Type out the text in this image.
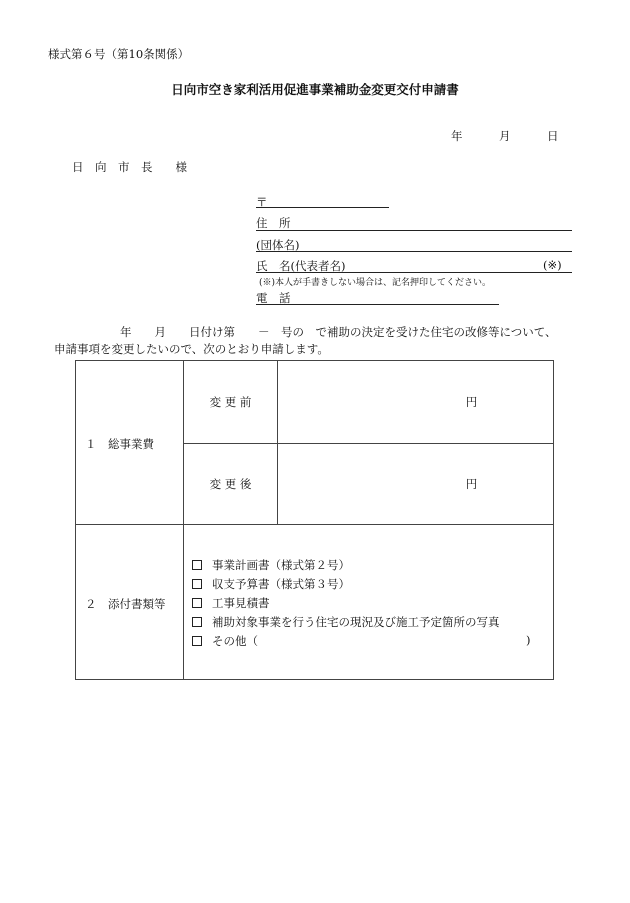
様式第６号（第10条関係）
日向市空き家利活用促進事業補助金変更交付申請書
年	月	日
日　向　市　長　　様
〒
住　所
(団体名)
氏　名(代表者名)	(※)
(※)本人が手書きしない場合は、記名押印してください。
電　話
年　　月　　日付け第　　－　号の　で補助の決定を受けた住宅の改修等について、
申請事項を変更したいので、次のとおり申請します。
１　総事業費
変 更 前	円
変 更 後	円
２　添付書類等
事業計画書（様式第２号）
収支予算書（様式第３号）
工事見積書
補助対象事業を行う住宅の現況及び施工予定箇所の写真
その他（	)
